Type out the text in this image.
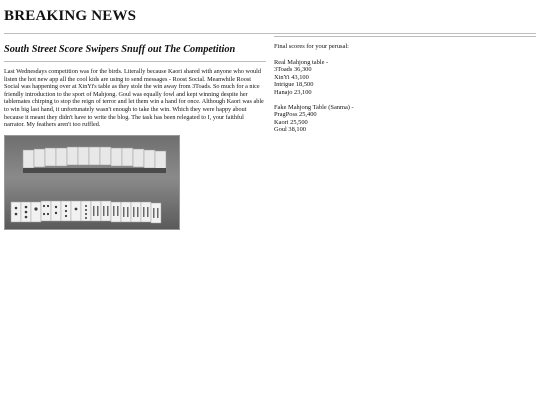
BREAKING NEWS
South Street Score Swipers Snuff out The Competition

Last Wednesdays competition was for the birds. Literally because Kaori shared with anyone who would listen the hot new app all the cool kids are using to send messages - Roost Social. Meanwhile Roost Social was happening over at XinYi's table as they stole the win away from 3Toads. So much for a nice friendly introduction to the sport of Mahjong. Goul was equally fowl and kept winning despite her tablemates chirping to stop the reign of terror and let them win a hand for once. Although Kaori was able to win big last hand, it unfortunately wasn't enough to take the win. Which they were happy about because it meant they didn't have to write the blog. The task has been relegated to I, your faithful narrator. My feathers aren't too ruffled.

Final scores for your perusal:
Real Mahjong table -
3Toads 36,300
XinYi 43,100
Intrigue 18,500
Hanajo 23,100
Fake Mahjong Table (Sanma) -
PragPoss 25,400
Kaori 25,500
Goul 38,100
